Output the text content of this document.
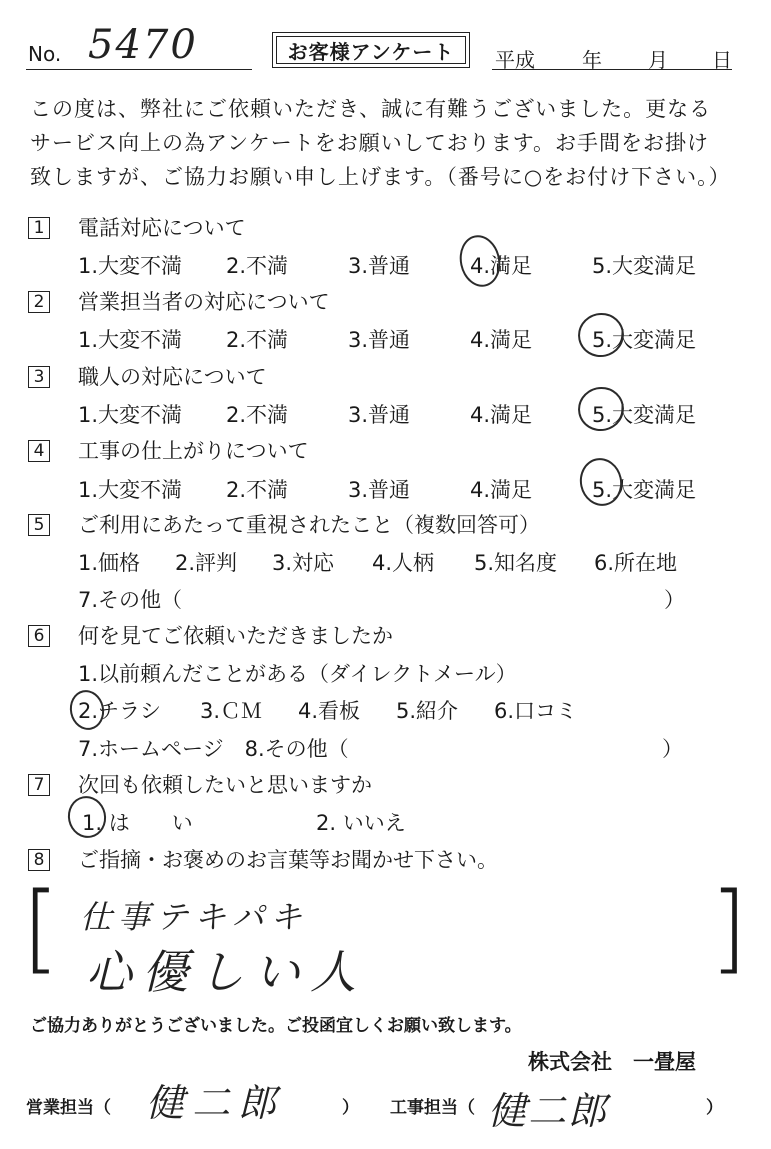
No. 5470	お客様アンケート	平成 年 月 日
この度は、弊社にご依頼いただき、誠に有難うございました。更なる
サービス向上の為アンケートをお願いしております。お手間をお掛け
致しますが、ご協力お願い申し上げます。（番号に○をお付け下さい。）
1 電話対応について
1.大変不満 2.不満	3.普通	4.満足	5.大変満足
2 営業担当者の対応について
1.大変不満 2.不満	3.普通	4.満足	5.大変満足
3 職人の対応について
1.大変不満 2.不満	3.普通	4.満足	5.大変満足
4 工事の仕上がりについて
1.大変不満 2.不満	3.普通	4.満足	5.大変満足
5 ご利用にあたって重視されたこと（複数回答可）
1.価格 2.評判 3.対応 4.人柄 5.知名度 6.所在地
7.その他（	）
6 何を見てご依頼いただきましたか
1.以前頼んだことがある（ダイレクトメール）
2.チラシ 3.ＣＭ 4.看板 5.紹介 6.口コミ
7.ホームページ　8.その他（	）
7 次回も依頼したいと思いますか
1. は　　い	2. いいえ
8 ご指摘・お褒めのお言葉等お聞かせ下さい。
[	]
仕事テキパキ
心優しい人
ご協力ありがとうございました。ご投函宜しくお願い致します。
株式会社　一畳屋
営業担当（ 健二郎	） 工事担当（ 健二郎	）
